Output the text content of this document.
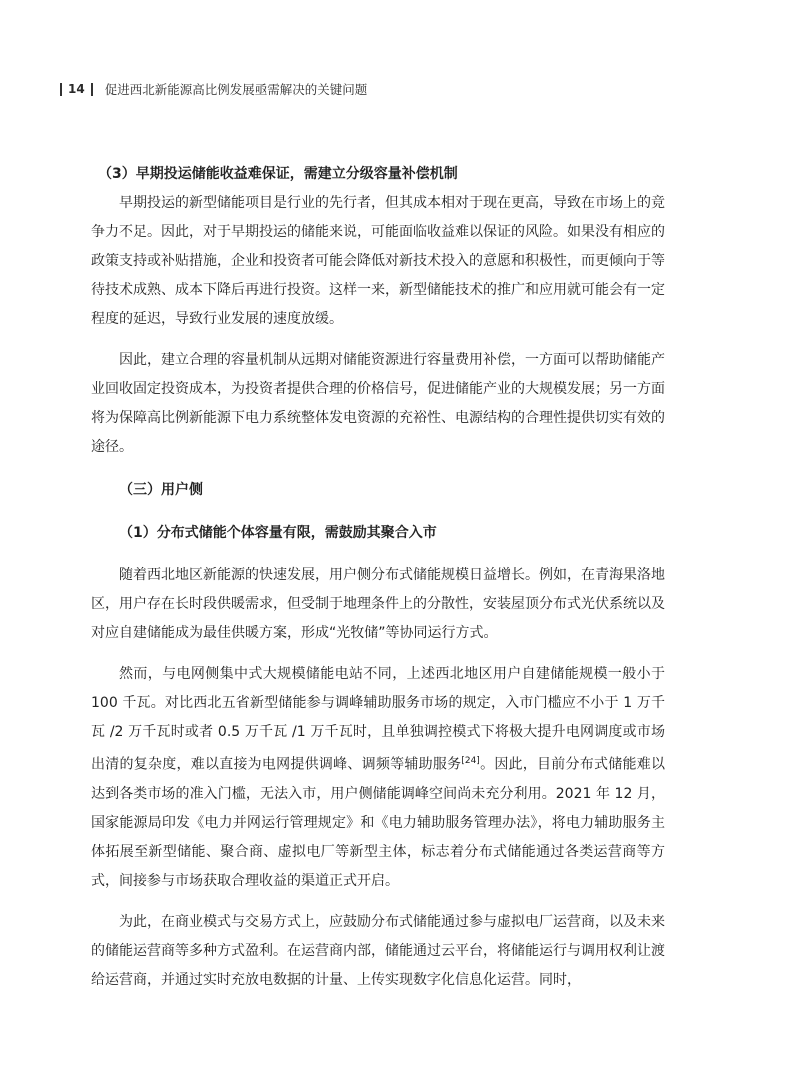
14 促进西北新能源高比例发展亟需解决的关键问题

（3）早期投运储能收益难保证，需建立分级容量补偿机制

早期投运的新型储能项目是行业的先行者，但其成本相对于现在更高，导致在市场上的竞争力不足。因此，对于早期投运的储能来说，可能面临收益难以保证的风险。如果没有相应的政策支持或补贴措施，企业和投资者可能会降低对新技术投入的意愿和积极性，而更倾向于等待技术成熟、成本下降后再进行投资。这样一来，新型储能技术的推广和应用就可能会有一定程度的延迟，导致行业发展的速度放缓。

因此，建立合理的容量机制从远期对储能资源进行容量费用补偿，一方面可以帮助储能产业回收固定投资成本，为投资者提供合理的价格信号，促进储能产业的大规模发展；另一方面将为保障高比例新能源下电力系统整体发电资源的充裕性、电源结构的合理性提供切实有效的途径。

（三）用户侧

（1）分布式储能个体容量有限，需鼓励其聚合入市

随着西北地区新能源的快速发展，用户侧分布式储能规模日益增长。例如，在青海果洛地区，用户存在长时段供暖需求，但受制于地理条件上的分散性，安装屋顶分布式光伏系统以及对应自建储能成为最佳供暖方案，形成“光牧储”等协同运行方式。

然而，与电网侧集中式大规模储能电站不同，上述西北地区用户自建储能规模一般小于 100 千瓦。对比西北五省新型储能参与调峰辅助服务市场的规定，入市门槛应不小于 1 万千瓦 /2 万千瓦时或者 0.5 万千瓦 /1 万千瓦时，且单独调控模式下将极大提升电网调度或市场出清的复杂度，难以直接为电网提供调峰、调频等辅助服务[24]。因此，目前分布式储能难以达到各类市场的准入门槛，无法入市，用户侧储能调峰空间尚未充分利用。2021 年 12 月，国家能源局印发《电力并网运行管理规定》和《电力辅助服务管理办法》，将电力辅助服务主体拓展至新型储能、聚合商、虚拟电厂等新型主体，标志着分布式储能通过各类运营商等方式，间接参与市场获取合理收益的渠道正式开启。

为此，在商业模式与交易方式上，应鼓励分布式储能通过参与虚拟电厂运营商，以及未来的储能运营商等多种方式盈利。在运营商内部，储能通过云平台，将储能运行与调用权利让渡给运营商，并通过实时充放电数据的计量、上传实现数字化信息化运营。同时，
